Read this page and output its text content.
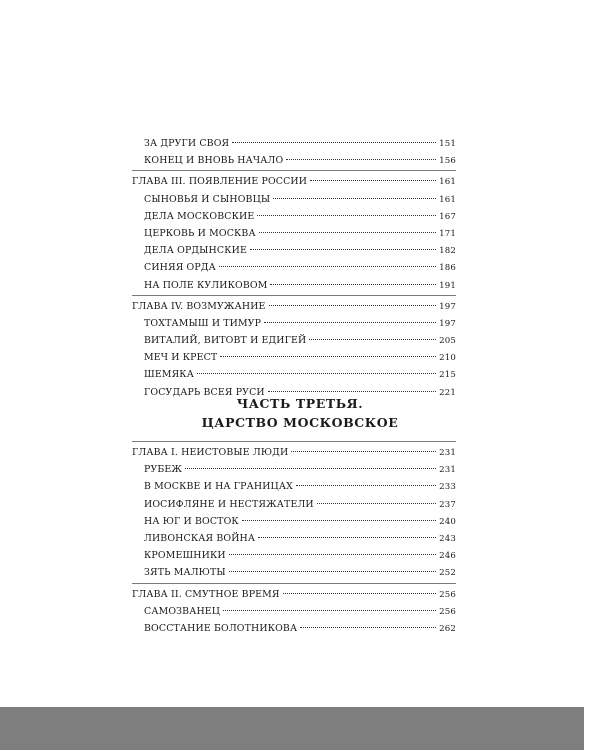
ЗА ДРУГИ СВОЯ	151
КОНЕЦ И ВНОВЬ НАЧАЛО	156
ГЛАВА III. ПОЯВЛЕНИЕ РОССИИ	161
СЫНОВЬЯ И СЫНОВЦЫ	161
ДЕЛА МОСКОВСКИЕ	167
ЦЕРКОВЬ И МОСКВА	171
ДЕЛА ОРДЫНСКИЕ	182
СИНЯЯ ОРДА	186
НА ПОЛЕ КУЛИКОВОМ	191
ГЛАВА IV. ВОЗМУЖАНИЕ	197
ТОХТАМЫШ И ТИМУР	197
ВИТАЛИЙ, ВИТОВТ И ЕДИГЕЙ	205
МЕЧ И КРЕСТ	210
ШЕМЯКА	215
ГОСУДАРЬ ВСЕЯ РУСИ	221
ЧАСТЬ ТРЕТЬЯ.
ЦАРСТВО МОСКОВСКОЕ
ГЛАВА I. НЕИСТОВЫЕ ЛЮДИ	231
РУБЕЖ	231
В МОСКВЕ И НА ГРАНИЦАХ	233
ИОСИФЛЯНЕ И НЕСТЯЖАТЕЛИ	237
НА ЮГ И ВОСТОК	240
ЛИВОНСКАЯ ВОЙНА	243
КРОМЕШНИКИ	246
ЗЯТЬ МАЛЮТЫ	252
ГЛАВА II. СМУТНОЕ ВРЕМЯ	256
САМОЗВАНЕЦ	256
ВОССТАНИЕ БОЛОТНИКОВА	262
